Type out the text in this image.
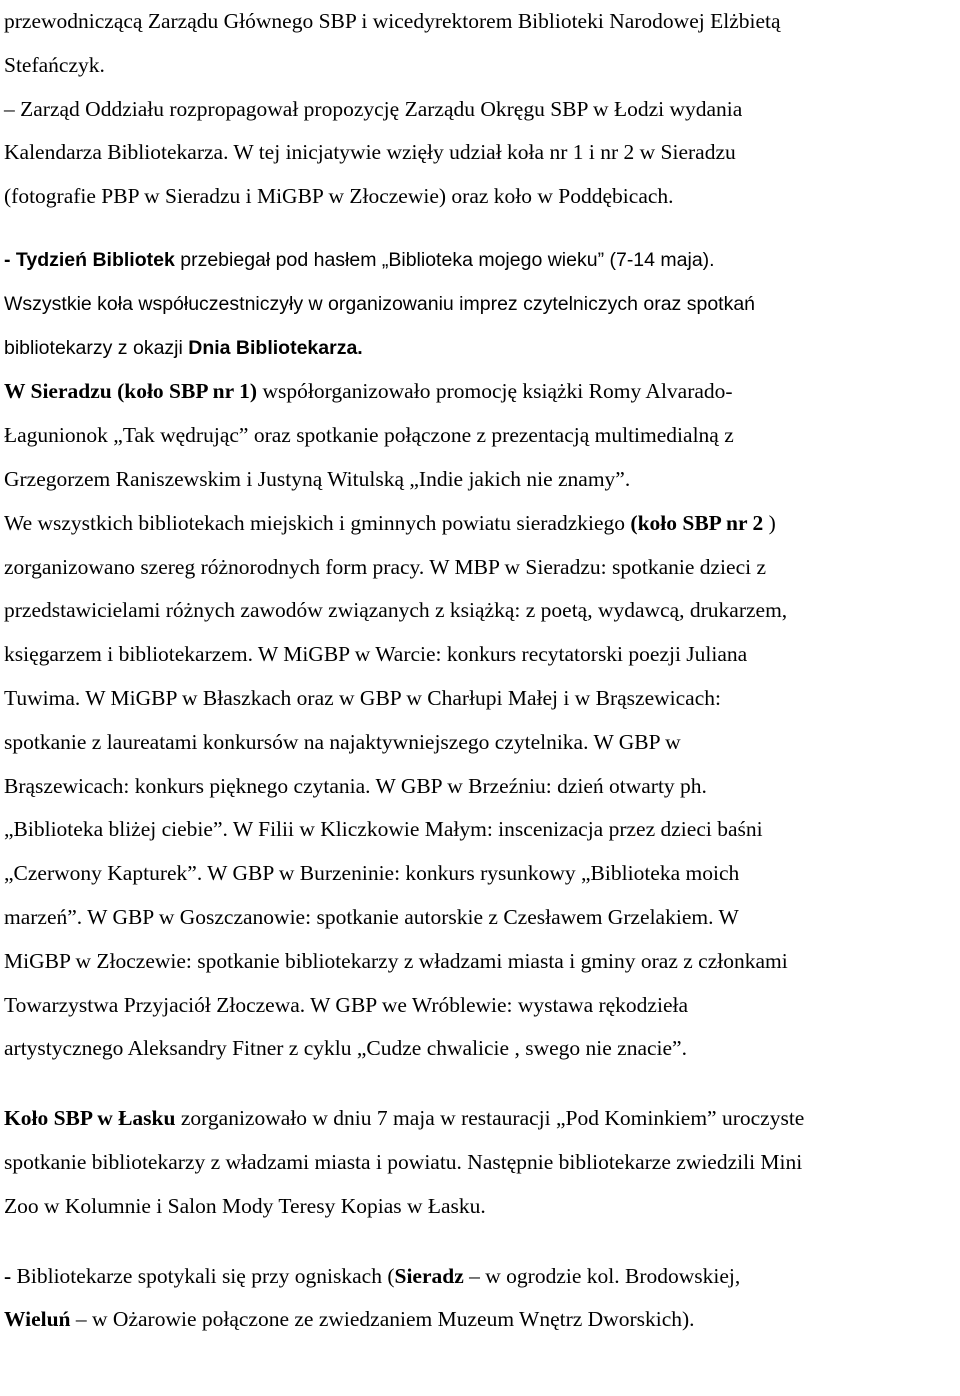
przewodniczącą Zarządu Głównego SBP i wicedyrektorem Biblioteki Narodowej Elżbietą
Stefańczyk.
– Zarząd Oddziału rozpropagował propozycję Zarządu Okręgu SBP w Łodzi wydania
Kalendarza Bibliotekarza. W tej inicjatywie wzięły udział koła nr 1 i nr 2 w Sieradzu
(fotografie PBP w Sieradzu i MiGBP w Złoczewie) oraz koło w Poddębicach.
- Tydzień Bibliotek przebiegał pod hasłem „Biblioteka mojego wieku” (7-14 maja).
Wszystkie koła współuczestniczyły w organizowaniu imprez czytelniczych oraz spotkań
bibliotekarzy z okazji Dnia Bibliotekarza.
W Sieradzu (koło SBP nr 1) współorganizowało promocję książki Romy Alvarado-
Łagunionok „Tak wędrując” oraz spotkanie połączone z prezentacją multimedialną z
Grzegorzem Raniszewskim i Justyną Witulską „Indie jakich nie znamy”.
We wszystkich bibliotekach miejskich i gminnych powiatu sieradzkiego (koło SBP nr 2 )
zorganizowano szereg różnorodnych form pracy. W MBP w Sieradzu: spotkanie dzieci z
przedstawicielami różnych zawodów związanych z książką: z poetą, wydawcą, drukarzem,
księgarzem i bibliotekarzem. W MiGBP w Warcie: konkurs recytatorski poezji Juliana
Tuwima. W MiGBP w Błaszkach oraz w GBP w Charłupi Małej i w Brąszewicach:
spotkanie z laureatami konkursów na najaktywniejszego czytelnika. W GBP w
Brąszewicach: konkurs pięknego czytania. W GBP w Brzeźniu: dzień otwarty ph.
„Biblioteka bliżej ciebie”. W Filii w Kliczkowie Małym: inscenizacja przez dzieci baśni
„Czerwony Kapturek”. W GBP w Burzeninie: konkurs rysunkowy „Biblioteka moich
marzeń”. W GBP w Goszczanowie: spotkanie autorskie z Czesławem Grzelakiem. W
MiGBP w Złoczewie: spotkanie bibliotekarzy z władzami miasta i gminy oraz z członkami
Towarzystwa Przyjaciół Złoczewa. W GBP we Wróblewie: wystawa rękodzieła
artystycznego Aleksandry Fitner z cyklu „Cudze chwalicie , swego nie znacie”.
Koło SBP w Łasku zorganizowało w dniu 7 maja w restauracji „Pod Kominkiem” uroczyste
spotkanie bibliotekarzy z władzami miasta i powiatu. Następnie bibliotekarze zwiedzili Mini
Zoo w Kolumnie i Salon Mody Teresy Kopias w Łasku.
- Bibliotekarze spotykali się przy ogniskach (Sieradz – w ogrodzie kol. Brodowskiej,
Wieluń – w Ożarowie połączone ze zwiedzaniem Muzeum Wnętrz Dworskich).
